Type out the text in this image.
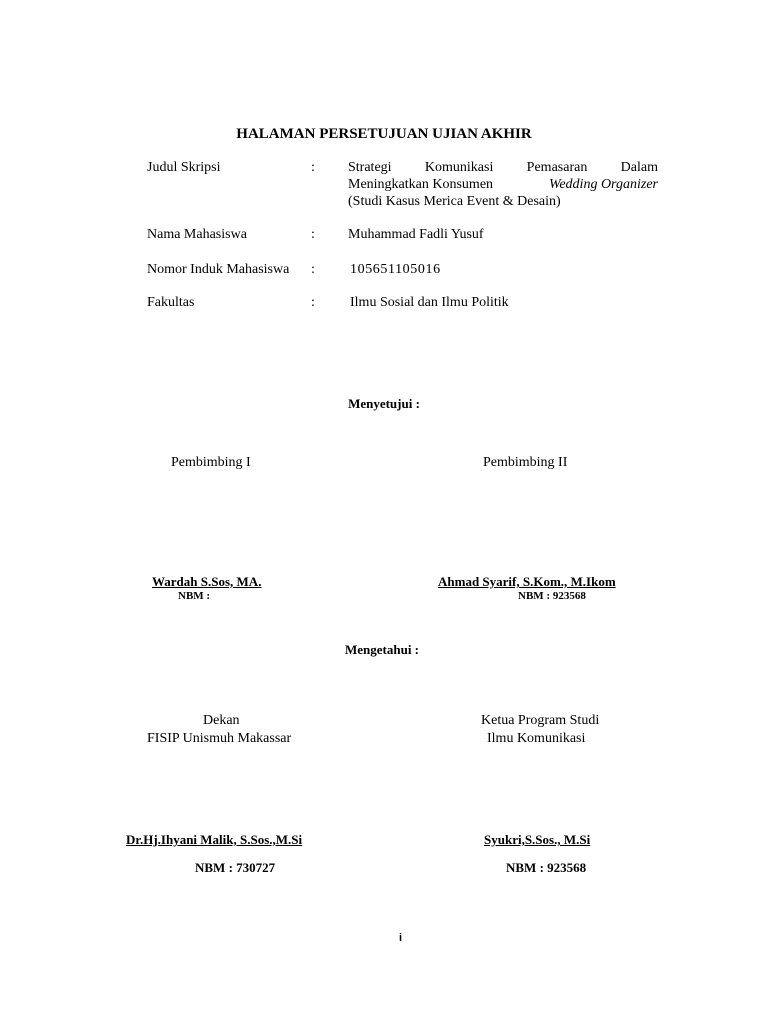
HALAMAN PERSETUJUAN UJIAN AKHIR
Judul Skripsi	: Strategi Komunikasi Pemasaran Dalam
Meningkatkan Konsumen	Wedding Organizer
(Studi Kasus Merica Event & Desain)
Nama Mahasiswa	: Muhammad Fadli Yusuf
Nomor Induk Mahasiswa :	105651105016
Fakultas	:	Ilmu Sosial dan Ilmu Politik
Menyetujui :
Pembimbing I	Pembimbing II
Wardah S.Sos, MA.
NBM :
Ahmad Syarif, S.Kom., M.Ikom
NBM : 923568
Mengetahui :
Dekan
FISIP Unismuh Makassar
Ketua Program Studi
Ilmu Komunikasi
Dr.Hj.Ihyani Malik, S.Sos.,M.Si
NBM : 730727
Syukri,S.Sos., M.Si
NBM : 923568
i
